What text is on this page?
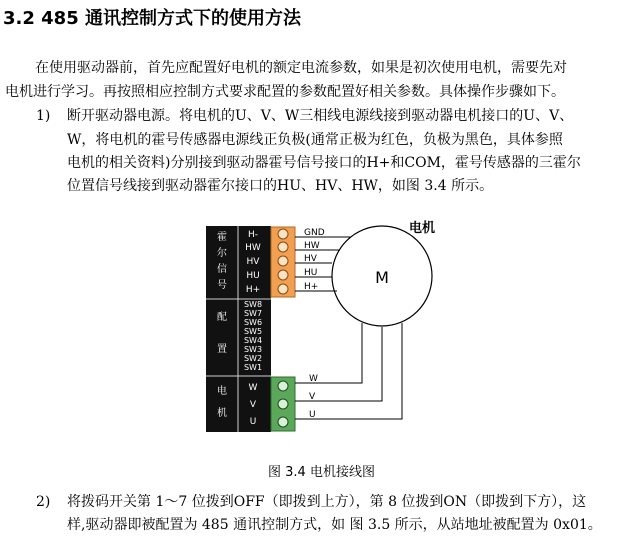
3.2 485 通讯控制方式下的使用方法
在使用驱动器前，首先应配置好电机的额定电流参数，如果是初次使用电机，需要先对
电机进行学习。再按照相应控制方式要求配置的参数配置好相关参数。具体操作步骤如下。
1) 断开驱动器电源。将电机的U、V、W三相线电源线接到驱动器电机接口的U、V、
W，将电机的霍号传感器电源线正负极(通常正极为红色，负极为黑色，具体参照
电机的相关资料)分别接到驱动器霍号信号接口的H+和COM，霍号传感器的三霍尔
位置信号线接到驱动器霍尔接口的HU、HV、HW，如图 3.4 所示。
霍
尔
信
号
H-
HW
HV
HU
H+
配
置
SW8
SW7
SW6
SW5
SW4
SW3
SW2
SW1
电
机
W
V
U
电机
M
GND
HW
HV
HU
H+
W
V
U
图 3.4 电机接线图
2) 将拨码开关第 1～7 位拨到OFF（即拨到上方），第 8 位拨到ON（即拨到下方），这
样,驱动器即被配置为 485 通讯控制方式，如 图 3.5 所示，从站地址被配置为 0x01。
